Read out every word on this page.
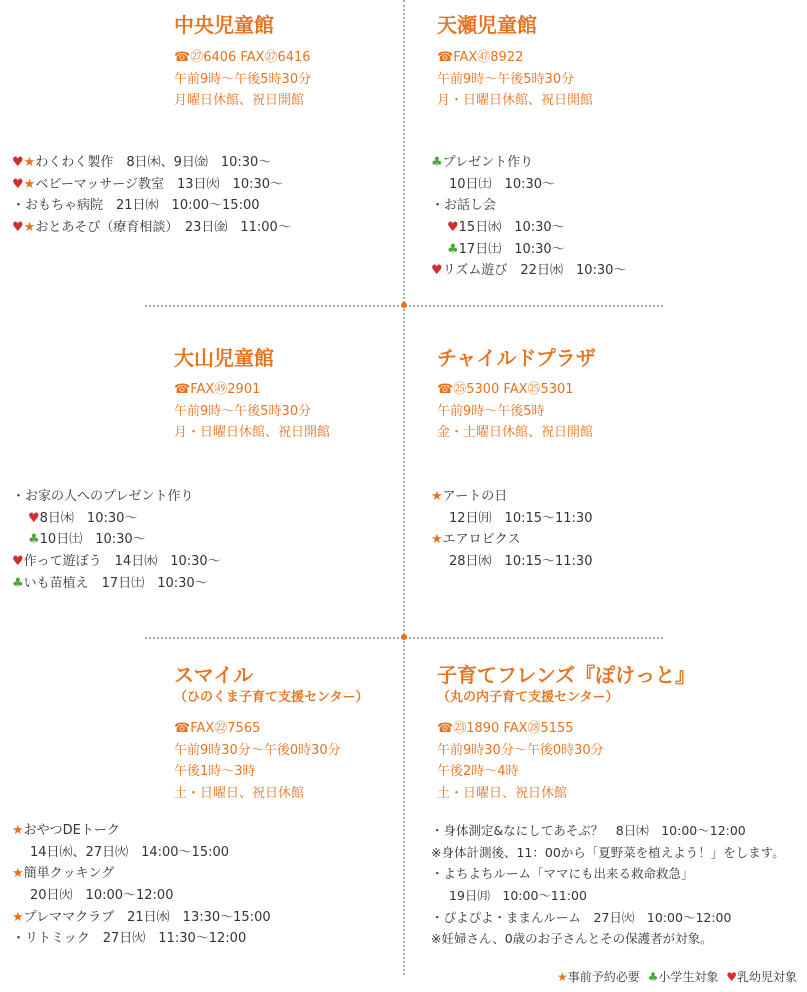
中央児童館
☎㉗6406 FAX㉗6416
午前9時～午後5時30分
月曜日休館、祝日開館
♥★わくわく製作　8日㈭、9日㈮　10:30～
♥★ベビーマッサージ教室　13日㈫　10:30～
・おもちゃ病院　21日㈬　10:00～15:00
♥★おとあそび（療育相談）　23日㈮　11:00～
天瀬児童館
☎FAX㊼8922
午前9時～午後5時30分
月・日曜日休館、祝日開館
♣プレゼント作り
10日㈯　10:30～
・お話し会
♥15日㈬　10:30～
♣17日㈯　10:30～
♥リズム遊び　22日㈬　10:30～
大山児童館
☎FAX㊾2901
午前9時～午後5時30分
月・日曜日休館、祝日開館
・お家の人へのプレゼント作り
♥8日㈭　10:30～
♣10日㈯　10:30～
♥作って遊ぼう　14日㈬　10:30～
♣いも苗植え　17日㈯　10:30～
チャイルドプラザ
☎㉕5300 FAX㉕5301
午前9時～午後5時
金・土曜日休館、祝日開館
★アートの日
12日㈪　10:15～11:30
★エアロビクス
28日㈬　10:15～11:30
スマイル
（ひのくま子育て支援センター）
☎FAX㉒7565
午前9時30分～午後0時30分
午後1時～3時
土・日曜日、祝日休館
★おやつDEトーク
14日㈬、27日㈫　14:00～15:00
★簡単クッキング
20日㈫　10:00～12:00
★プレママクラブ　21日㈬　13:30～15:00
・リトミック　27日㈫　11:30～12:00
子育てフレンズ『ぽけっと』
（丸の内子育て支援センター）
☎㉓1890 FAX㉘5155
午前9時30分～午後0時30分
午後2時～4時
土・日曜日、祝日休館
・身体測定&なにしてあそぶ？　8日㈭　10:00～12:00
※身体計測後、11：00から「夏野菜を植えよう！」をします。
・よちよちルーム「ママにも出来る救命救急」
19日㈪　10:00～11:00
・ぴよぴよ・ままんルーム　27日㈫　10:00～12:00
※妊婦さん、0歳のお子さんとその保護者が対象。
★事前予約必要 ♣小学生対象 ♥乳幼児対象
